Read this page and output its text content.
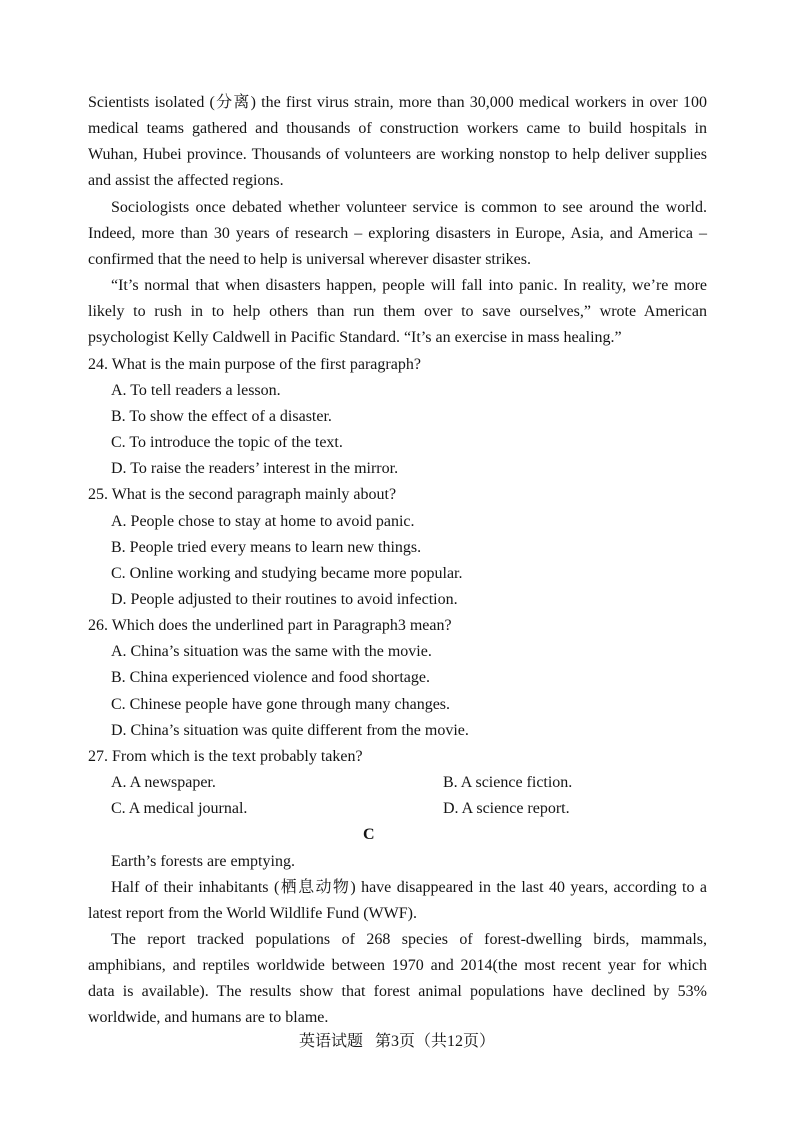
Scientists isolated (分离) the first virus strain, more than 30,000 medical workers in over 100
medical teams gathered and thousands of construction workers came to build hospitals in
Wuhan, Hubei province. Thousands of volunteers are working nonstop to help deliver supplies
and assist the affected regions.
Sociologists once debated whether volunteer service is common to see around the world.
Indeed, more than 30 years of research – exploring disasters in Europe, Asia, and America –
confirmed that the need to help is universal wherever disaster strikes.
“It’s normal that when disasters happen, people will fall into panic. In reality, we’re more
likely to rush in to help others than run them over to save ourselves,” wrote American
psychologist Kelly Caldwell in Pacific Standard. “It’s an exercise in mass healing.”
24. What is the main purpose of the first paragraph?
A. To tell readers a lesson.
B. To show the effect of a disaster.
C. To introduce the topic of the text.
D. To raise the readers’ interest in the mirror.
25. What is the second paragraph mainly about?
A. People chose to stay at home to avoid panic.
B. People tried every means to learn new things.
C. Online working and studying became more popular.
D. People adjusted to their routines to avoid infection.
26. Which does the underlined part in Paragraph3 mean?
A. China’s situation was the same with the movie.
B. China experienced violence and food shortage.
C. Chinese people have gone through many changes.
D. China’s situation was quite different from the movie.
27. From which is the text probably taken?
A. A newspaper.	B. A science fiction.
C. A medical journal.	D. A science report.
C
Earth’s forests are emptying.
Half of their inhabitants (栖息动物) have disappeared in the last 40 years, according to a
latest report from the World Wildlife Fund (WWF).
The report tracked populations of 268 species of forest-dwelling birds, mammals,
amphibians, and reptiles worldwide between 1970 and 2014(the most recent year for which
data is available). The results show that forest animal populations have declined by 53%
worldwide, and humans are to blame.
英语试题   第3页（共12页）
